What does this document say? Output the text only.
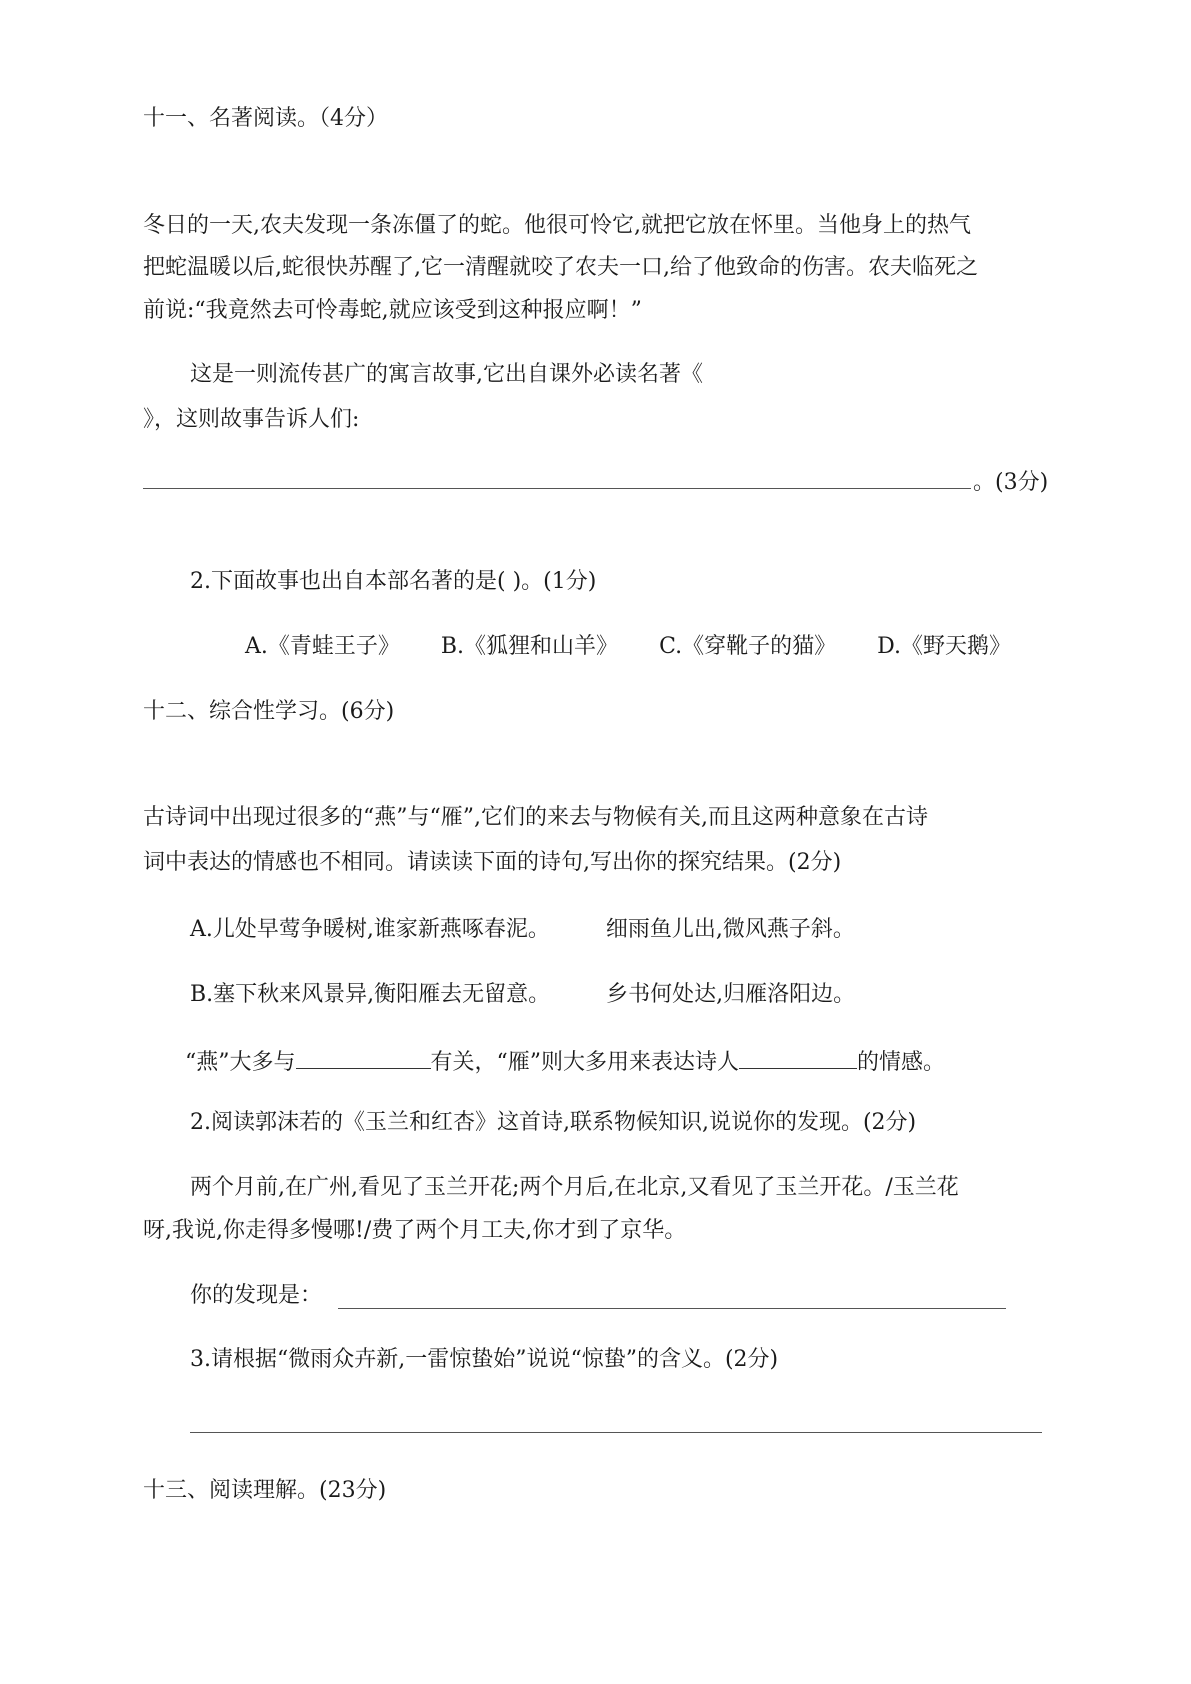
十一、名著阅读。（4分）
冬日的一天,农夫发现一条冻僵了的蛇。他很可怜它,就把它放在怀里。当他身上的热气
把蛇温暖以后,蛇很快苏醒了,它一清醒就咬了农夫一口,给了他致命的伤害。农夫临死之
前说:“我竟然去可怜毒蛇,就应该受到这种报应啊！”
这是一则流传甚广的寓言故事,它出自课外必读名著《
》，这则故事告诉人们:
。(3分)
2.下面故事也出自本部名著的是( )。(1分)
A.《青蛙王子》 B.《狐狸和山羊》 C.《穿靴子的猫》 D.《野天鹅》
十二、综合性学习。(6分)
古诗词中出现过很多的“燕”与“雁”,它们的来去与物候有关,而且这两种意象在古诗
词中表达的情感也不相同。请读读下面的诗句,写出你的探究结果。(2分)
A.儿处早莺争暖树,谁家新燕啄春泥。        细雨鱼儿出,微风燕子斜。
B.塞下秋来风景异,衡阳雁去无留意。        乡书何处达,归雁洛阳边。
“燕”大多与	有关，“雁”则大多用来表达诗人	的情感。
2.阅读郭沫若的《玉兰和红杏》这首诗,联系物候知识,说说你的发现。(2分)
两个月前,在广州,看见了玉兰开花;两个月后,在北京,又看见了玉兰开花。/玉兰花
呀,我说,你走得多慢哪!/费了两个月工夫,你才到了京华。
你的发现是：
3.请根据“微雨众卉新,一雷惊蛰始”说说“惊蛰”的含义。(2分)
十三、阅读理解。(23分)
